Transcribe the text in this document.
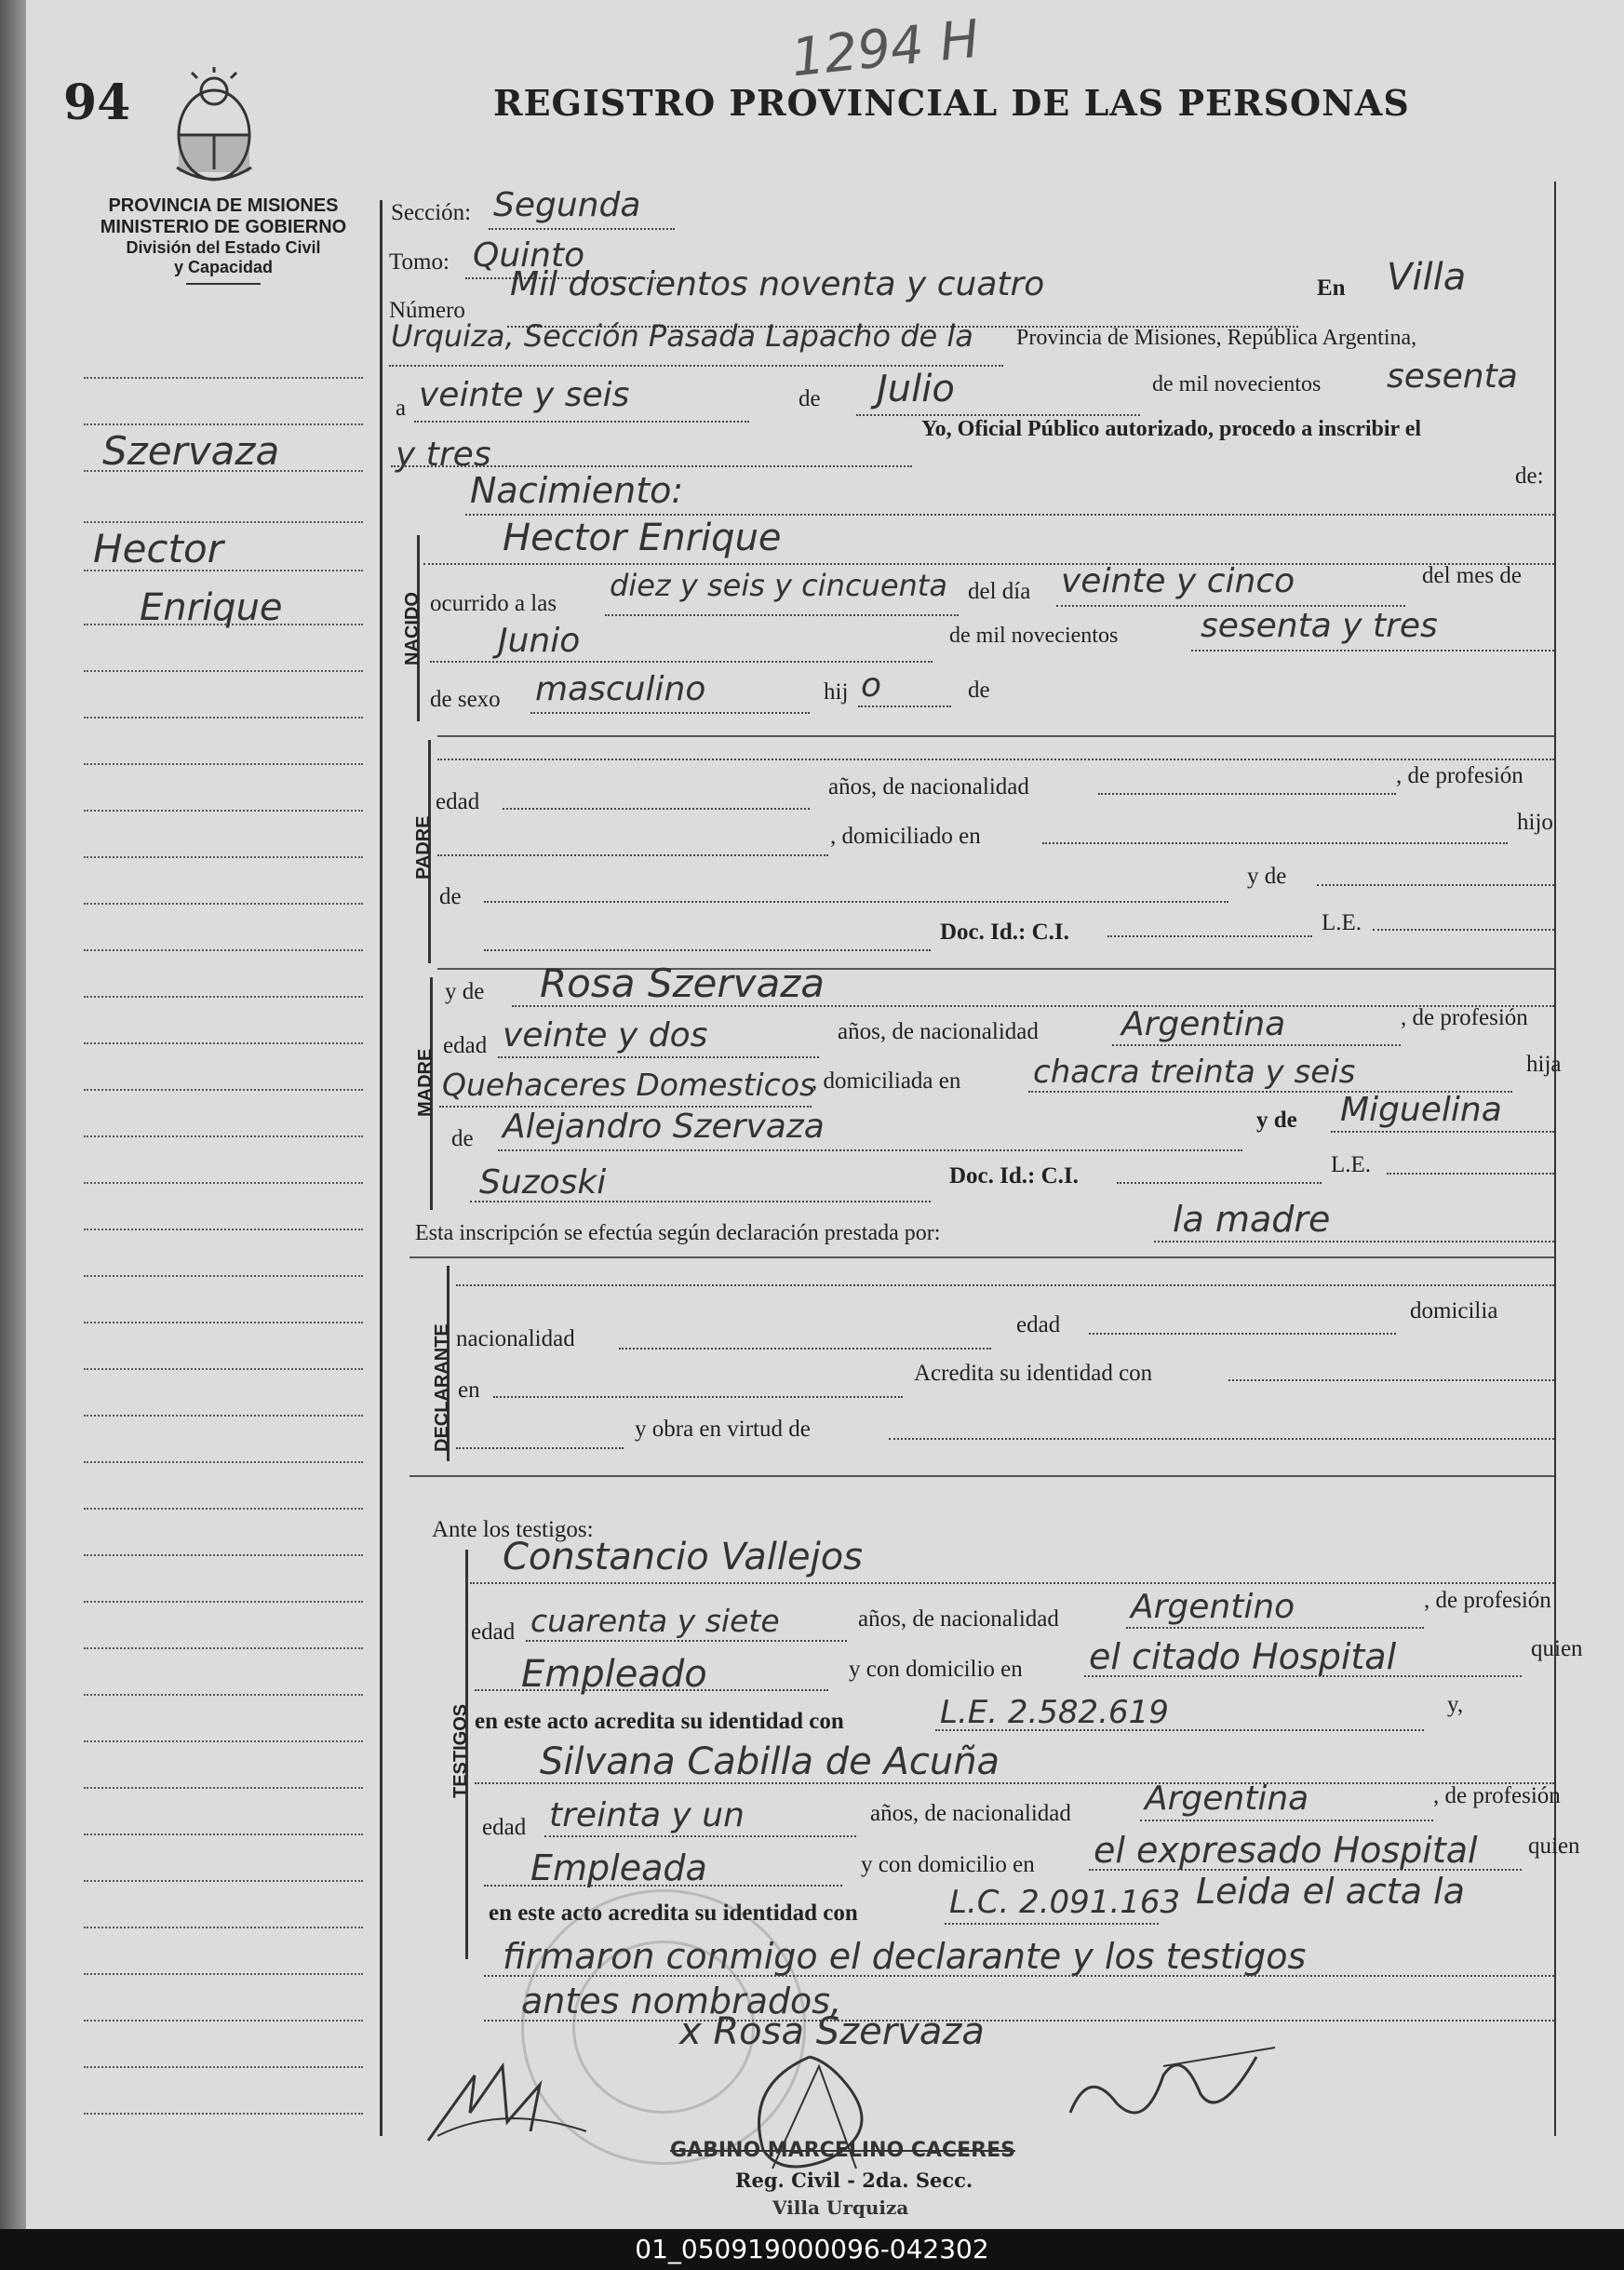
94
1294 H
REGISTRO PROVINCIAL DE LAS PERSONAS
PROVINCIA DE MISIONES
MINISTERIO DE GOBIERNO
División del Estado Civil
y Capacidad
Szervaza
Hector
Enrique
Sección: Segunda
Tomo: Quinto
Número
Mil doscientos noventa y cuatro	En Villa
Urquiza, Sección Pasada Lapacho de la Provincia de Misiones, República Argentina,
a veinte y seis	de Julio	de mil novecientos sesenta
y tres
Yo, Oficial Público autorizado, procedo a inscribir el
de:
Nacimiento:
NACIDO
Hector Enrique
ocurrido a las
diez y seis y cincuenta del día veinte y cinco	del mes de
Junio	de mil novecientos sesenta y tres
de sexo masculino	hij o	de
PADRE
edad
años, de nacionalidad	, de profesión
, domiciliado en
hijo
de
y de
Doc. Id.: C.I.	L.E.
MADRE
y de Rosa Szervaza
edad veinte y dos	años, de nacionalidad Argentina	, de profesión
Quehaceres Domesticos
, domiciliada en chacra treinta y seis	hija
de Alejandro Szervaza	y de Miguelina
Suzoski	Doc. Id.: C.I.	L.E.
Esta inscripción se efectúa según declaración prestada por:	la madre
DECLARANTE nacionalidad
edad
domicilia
en
Acredita su identidad con
y obra en virtud de
Ante los testigos:
TESTIGOS
Constancio Vallejos
edad cuarenta y siete	años, de nacionalidad Argentino	, de profesión
Empleado	y con domicilio en el citado Hospital	quien
en este acto acredita su identidad con	L.E. 2.582.619	y,
Silvana Cabilla de Acuña
edad treinta y un	años, de nacionalidad Argentina	, de profesión
Empleada	y con domicilio en el expresado Hospital quien
en este acto acredita su identidad con	L.C. 2.091.163 Leida el acta la
firmaron conmigo el declarante y los testigos
antes nombrados,
x Rosa Szervaza
GABINO MARCELINO CACERES
Reg. Civil - 2da. Secc.
Villa Urquiza
01_050919000096-042302
